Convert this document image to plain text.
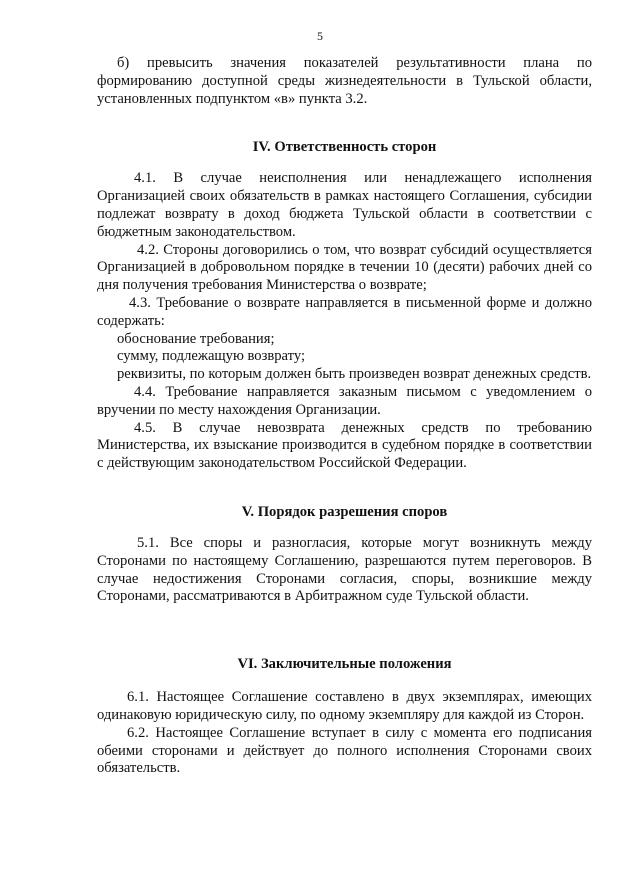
5

б) превысить значения показателей результативности плана по формированию доступной среды жизнедеятельности в Тульской области, установленных подпунктом «в» пункта 3.2.

IV. Ответственность сторон

4.1. В случае неисполнения или ненадлежащего исполнения Организацией своих обязательств в рамках настоящего Соглашения, субсидии подлежат возврату в доход бюджета Тульской области в соответствии с бюджетным законодательством.

4.2. Стороны договорились о том, что возврат субсидий осуществляется Организацией в добровольном порядке в течении 10 (десяти) рабочих дней со дня получения требования Министерства о возврате;

4.3. Требование о возврате направляется в письменной форме и должно содержать:

обоснование требования;

сумму, подлежащую возврату;

реквизиты, по которым должен быть произведен возврат денежных средств.

4.4. Требование направляется заказным письмом с уведомлением о вручении по месту нахождения Организации.

4.5. В случае невозврата денежных средств по требованию Министерства, их взыскание производится в судебном порядке в соответствии с действующим законодательством Российской Федерации.

V. Порядок разрешения споров

5.1. Все споры и разногласия, которые могут возникнуть между Сторонами по настоящему Соглашению, разрешаются путем переговоров. В случае недостижения Сторонами согласия, споры, возникшие между Сторонами, рассматриваются в Арбитражном суде Тульской области.

VI. Заключительные положения

6.1. Настоящее Соглашение составлено в двух экземплярах, имеющих одинаковую юридическую силу, по одному экземпляру для каждой из Сторон.

6.2. Настоящее Соглашение вступает в силу с момента его подписания обеими сторонами и действует до полного исполнения Сторонами своих обязательств.
